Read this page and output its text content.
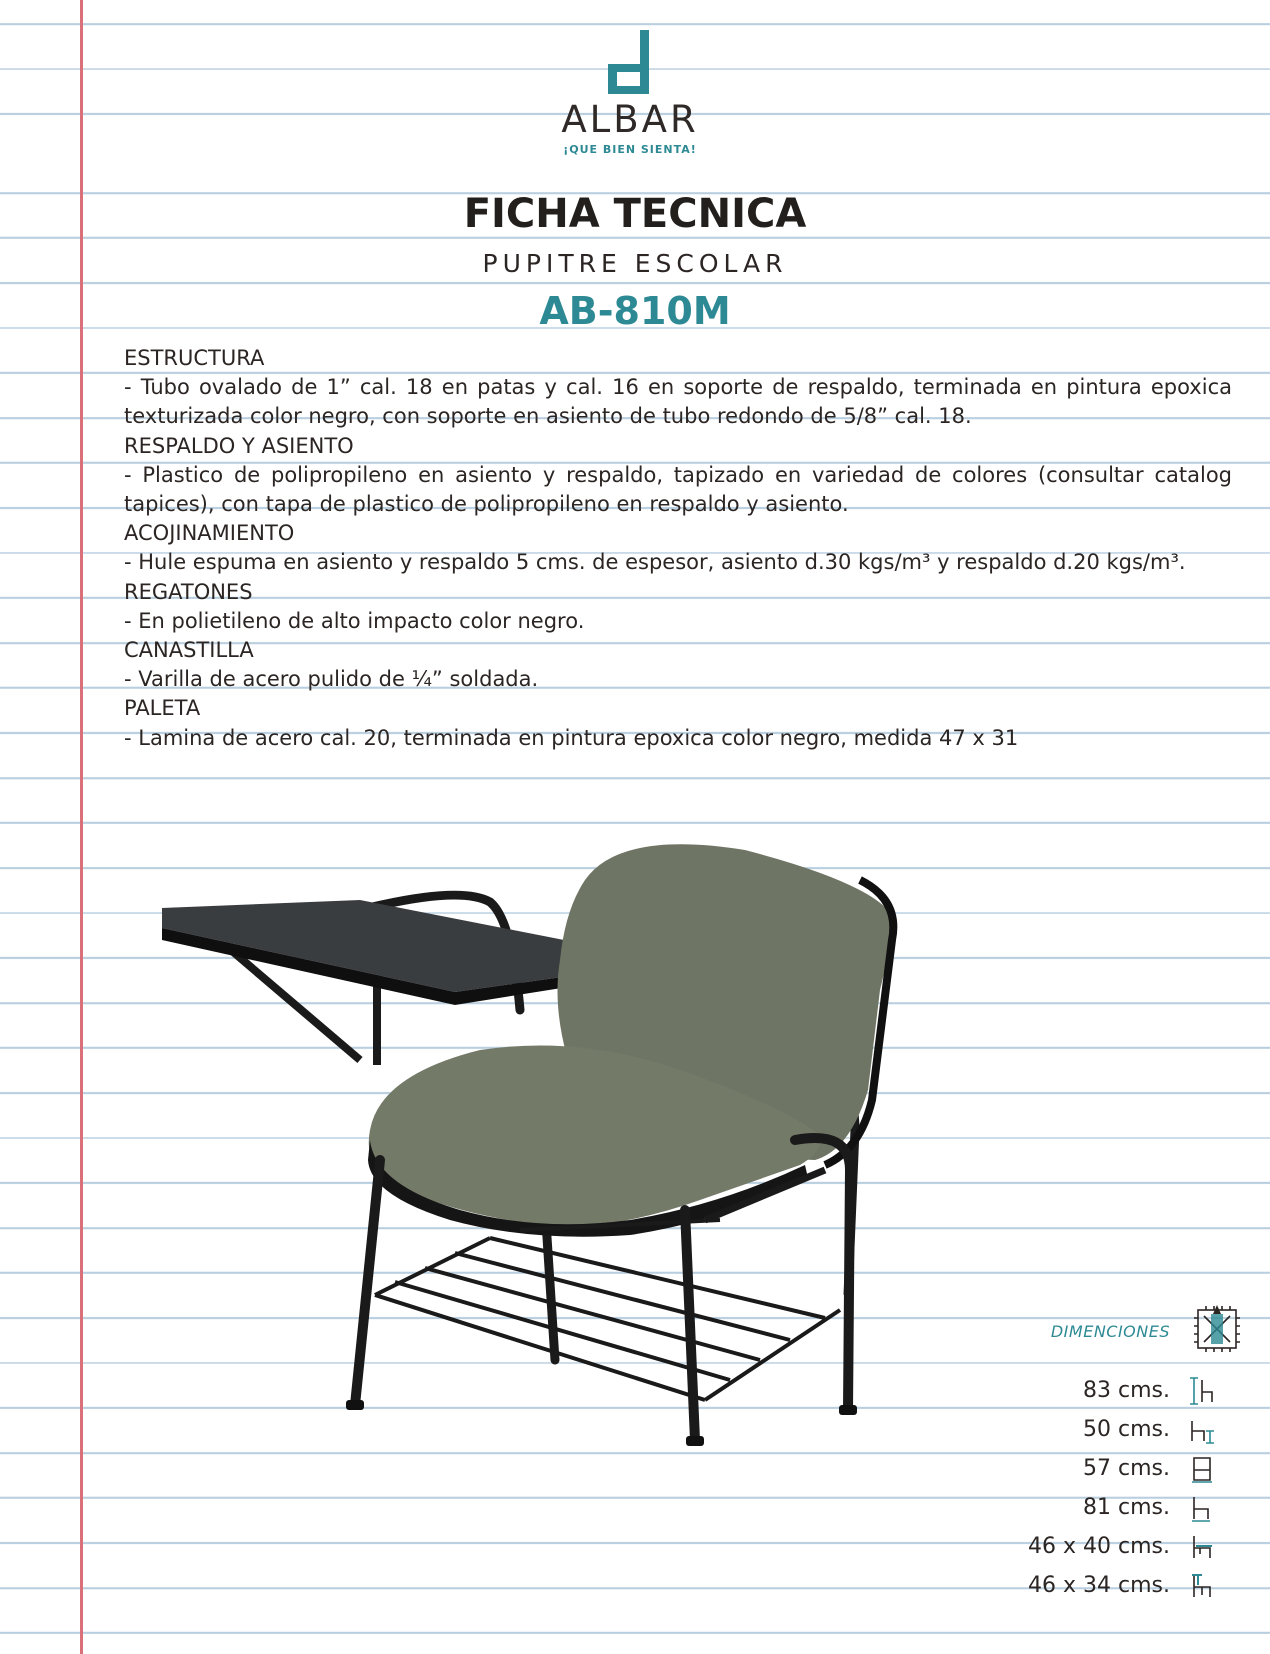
ALBAR
¡QUE BIEN SIENTA!
FICHA TECNICA
PUPITRE ESCOLAR
AB-810M
ESTRUCTURA
- Tubo ovalado de 1” cal. 18 en patas y cal. 16 en soporte de respaldo, terminada en pintura epoxica texturizada color negro, con soporte en asiento de tubo redondo de 5/8” cal. 18.
RESPALDO Y ASIENTO
- Plastico de polipropileno en asiento y respaldo, tapizado en variedad de colores (consultar catalog tapices), con tapa de plastico de polipropileno en respaldo y asiento.
ACOJINAMIENTO
- Hule espuma en asiento y respaldo 5 cms. de espesor, asiento d.30 kgs/m³ y respaldo d.20 kgs/m³.
REGATONES
- En polietileno de alto impacto color negro.
CANASTILLA
- Varilla de acero pulido de ¼” soldada.
PALETA
- Lamina de acero cal. 20, terminada en pintura epoxica color negro, medida 47 x 31
DIMENCIONES
83 cms.
50 cms.
57 cms.
81 cms.
46 x 40 cms.
46 x 34 cms.
